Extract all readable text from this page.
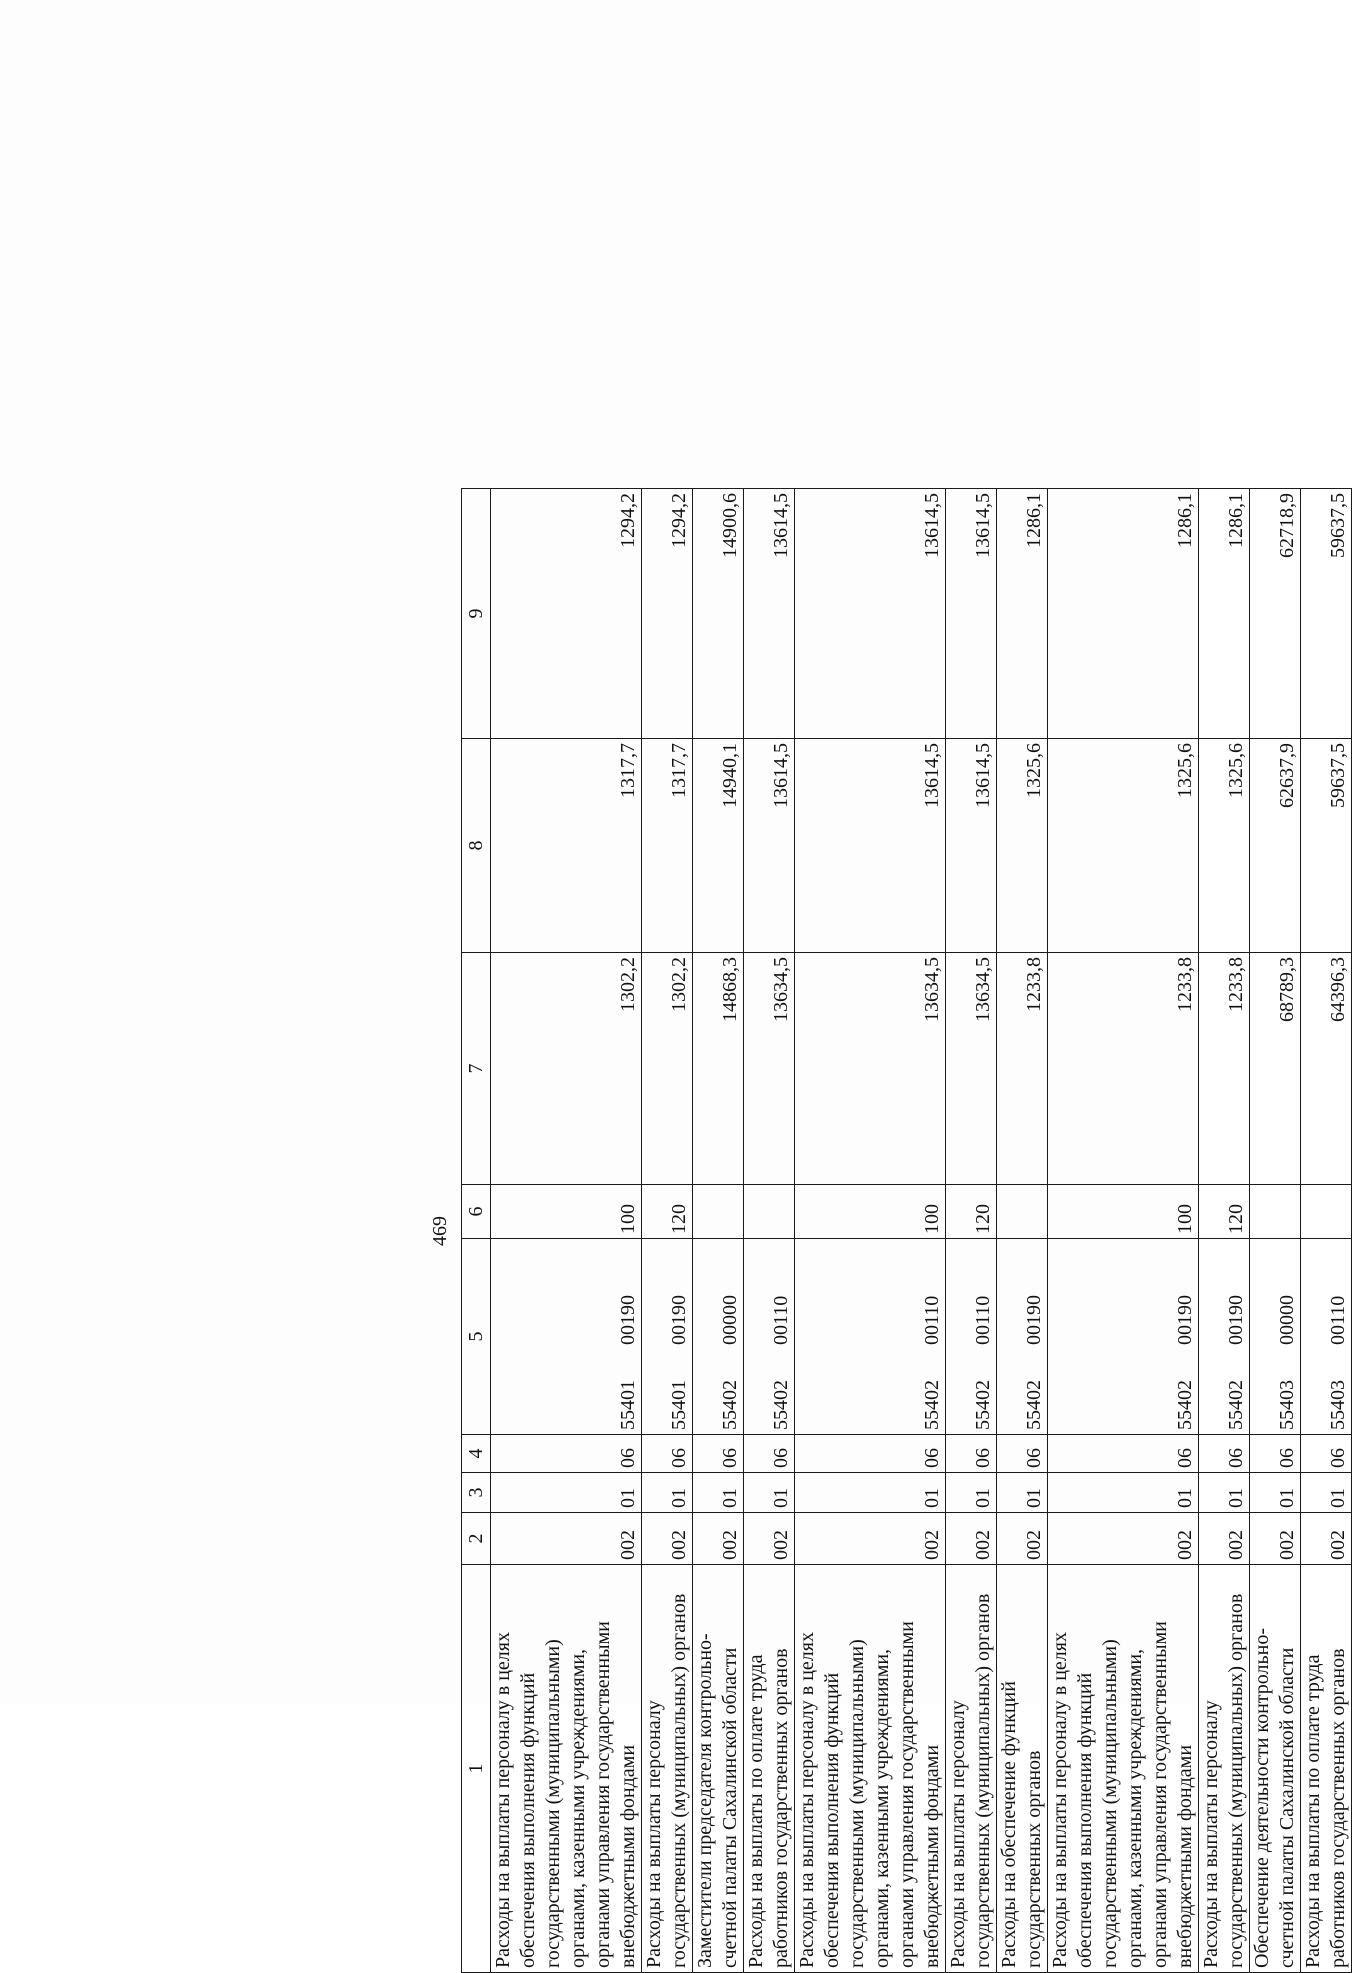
469
1	2	3	4	5	6	7	8	9
Расходы на выплаты персоналу в целях обеспечения выполнения функций государственными (муниципальными) органами, казенными учреждениями, органами управления государственными внебюджетными фондами	002	01	06	5540100190	100	1302,2	1317,7	1294,2
Расходы на выплаты персоналу государственных (муниципальных) органов	002	01	06	5540100190	120	1302,2	1317,7	1294,2
Заместители председателя контрольно-счетной палаты Сахалинской области	002	01	06	5540200000		14868,3	14940,1	14900,6
Расходы на выплаты по оплате труда работников государственных органов	002	01	06	5540200110		13634,5	13614,5	13614,5
Расходы на выплаты персоналу в целях обеспечения выполнения функций государственными (муниципальными) органами, казенными учреждениями, органами управления государственными внебюджетными фондами	002	01	06	5540200110	100	13634,5	13614,5	13614,5
Расходы на выплаты персоналу государственных (муниципальных) органов	002	01	06	5540200110	120	13634,5	13614,5	13614,5
Расходы на обеспечение функций государственных органов	002	01	06	5540200190		1233,8	1325,6	1286,1
Расходы на выплаты персоналу в целях обеспечения выполнения функций государственными (муниципальными) органами, казенными учреждениями, органами управления государственными внебюджетными фондами	002	01	06	5540200190	100	1233,8	1325,6	1286,1
Расходы на выплаты персоналу государственных (муниципальных) органов	002	01	06	5540200190	120	1233,8	1325,6	1286,1
Обеспечение деятельности контрольно-счетной палаты Сахалинской области	002	01	06	5540300000		68789,3	62637,9	62718,9
Расходы на выплаты по оплате труда работников государственных органов	002	01	06	5540300110		64396,3	59637,5	59637,5
